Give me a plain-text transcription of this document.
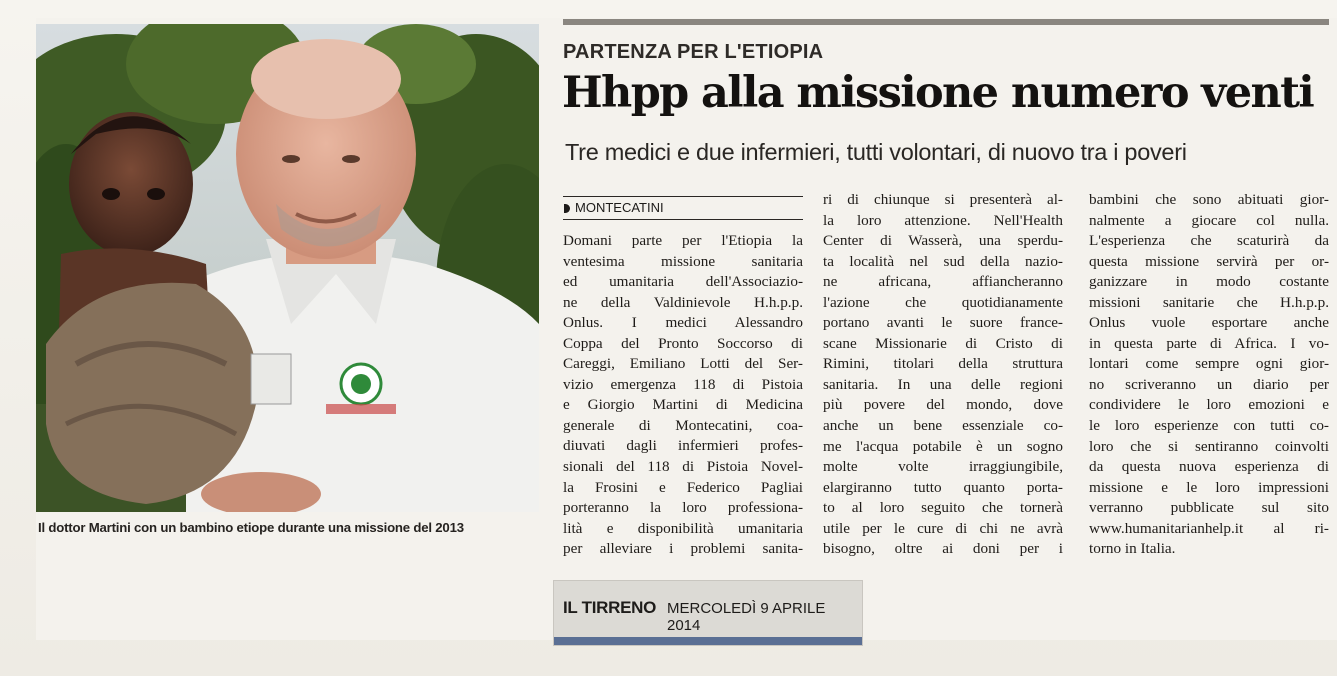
Il dottor Martini con un bambino etiope durante una missione del 2013
PARTENZA PER L'ETIOPIA
Hhpp alla missione numero venti
Tre medici e due infermieri, tutti volontari, di nuovo tra i poveri
MONTECATINI
Domani parte per l'Etiopia la
ventesima missione sanitaria
ed umanitaria dell'Associazio-
ne della Valdinievole H.h.p.p.
Onlus. I medici Alessandro
Coppa del Pronto Soccorso di
Careggi, Emiliano Lotti del Ser-
vizio emergenza 118 di Pistoia
e Giorgio Martini di Medicina
generale di Montecatini, coa-
diuvati dagli infermieri profes-
sionali del 118 di Pistoia Novel-
la Frosini e Federico Pagliai
porteranno la loro professiona-
lità e disponibilità umanitaria
per alleviare i problemi sanita-
ri di chiunque si presenterà al-
la loro attenzione. Nell'Health
Center di Wasserà, una sperdu-
ta località nel sud della nazio-
ne africana, affiancheranno
l'azione che quotidianamente
portano avanti le suore france-
scane Missionarie di Cristo di
Rimini, titolari della struttura
sanitaria. In una delle regioni
più povere del mondo, dove
anche un bene essenziale co-
me l'acqua potabile è un sogno
molte volte irraggiungibile,
elargiranno tutto quanto porta-
to al loro seguito che tornerà
utile per le cure di chi ne avrà
bisogno, oltre ai doni per i
bambini che sono abituati gior-
nalmente a giocare col nulla.
L'esperienza che scaturirà da
questa missione servirà per or-
ganizzare in modo costante
missioni sanitarie che H.h.p.p.
Onlus vuole esportare anche
in questa parte di Africa. I vo-
lontari come sempre ogni gior-
no scriveranno un diario per
condividere le loro emozioni e
le loro esperienze con tutti co-
loro che si sentiranno coinvolti
da questa nuova esperienza di
missione e le loro impressioni
verranno pubblicate sul sito
www.humanitarianhelp.it al ri-
torno in Italia.
IL TIRRENO MERCOLEDÌ 9 APRILE 2014
